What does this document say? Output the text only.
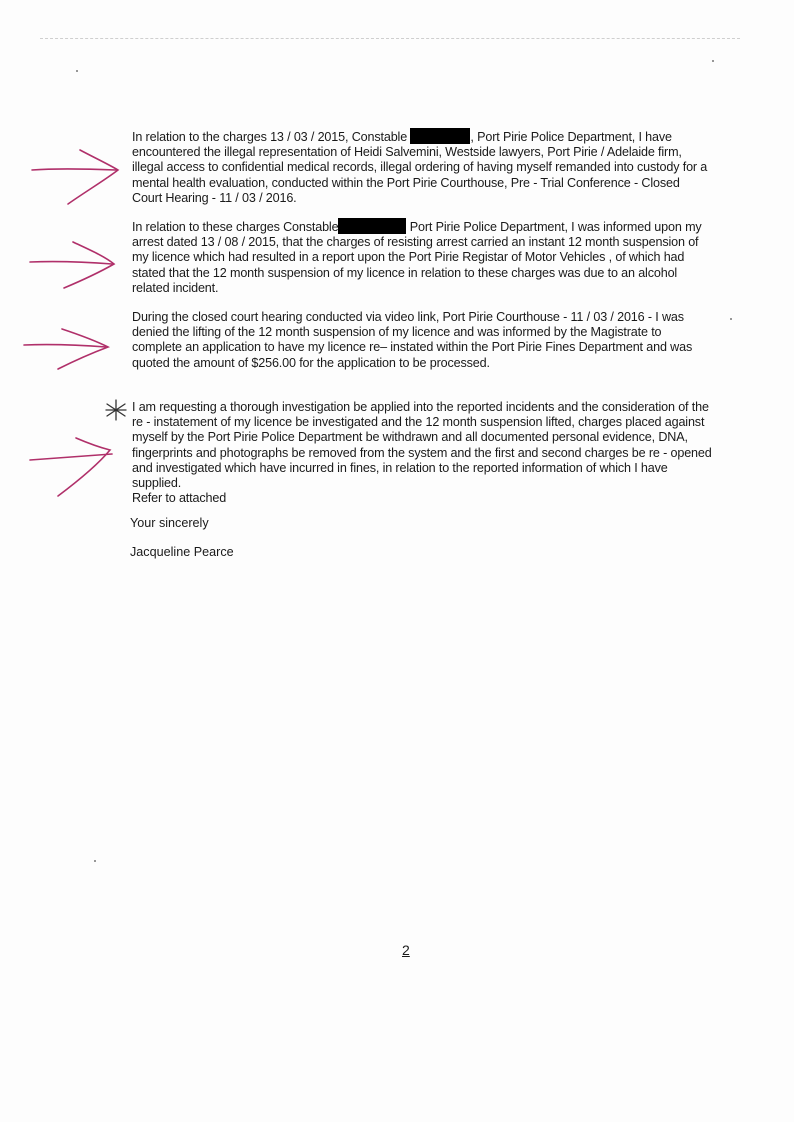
In relation to the charges 13 / 03 / 2015, Constable	, Port Pirie Police Department, I have encountered the illegal representation of Heidi Salvemini, Westside lawyers, Port Pirie / Adelaide firm, illegal access to confidential medical records, illegal ordering of having myself remanded into custody for a mental health evaluation, conducted within the Port Pirie Courthouse, Pre - Trial Conference - Closed Court Hearing - 11 / 03 / 2016.

In relation to these charges Constable	Port Pirie Police Department, I was informed upon my arrest dated 13 / 08 / 2015, that the charges of resisting arrest carried an instant 12 month suspension of my licence which had resulted in a report upon the Port Pirie Registar of Motor Vehicles , of which had stated that the 12 month suspension of my licence in relation to these charges was due to an alcohol related incident.

During the closed court hearing conducted via video link, Port Pirie Courthouse - 11 / 03 / 2016 - I was denied the lifting of the 12 month suspension of my licence and was informed by the Magistrate to complete an application to have my licence re– instated within the Port Pirie Fines Department and was quoted the amount of $256.00 for the application to be processed.

I am requesting a thorough investigation be applied into the reported incidents and the consideration of the re - instatement of my licence be investigated and the 12 month suspension lifted, charges placed against myself by the Port Pirie Police Department be withdrawn and all documented personal evidence, DNA, fingerprints and photographs be removed from the system and the first and second charges be re - opened and investigated which have incurred in fines, in relation to the reported information of which I have supplied.

Refer to attached

Your sincerely
Jacqueline Pearce
2
